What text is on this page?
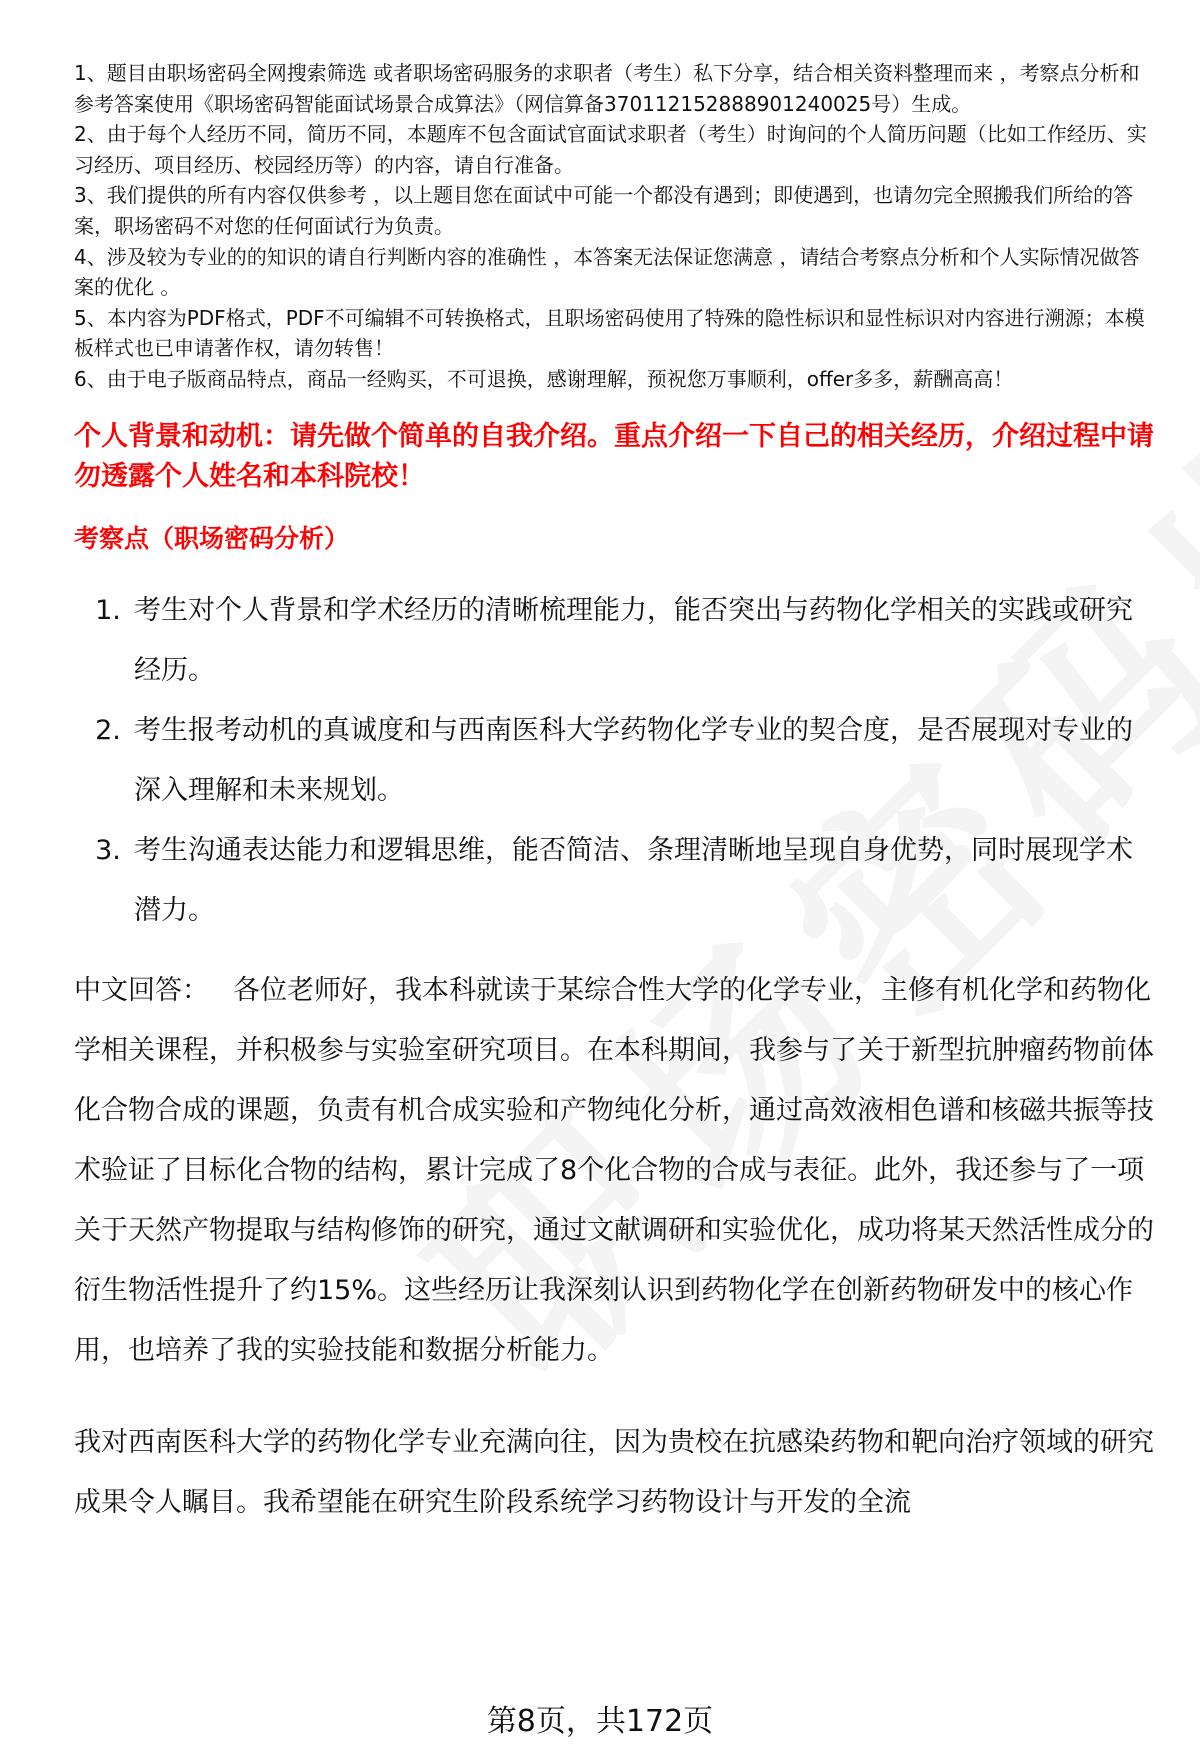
1、题目由职场密码全网搜索筛选 或者职场密码服务的求职者（考生）私下分享，结合相关资料整理而来 ，考察点分析和参考答案使用《职场密码智能面试场景合成算法》（网信算备370112152888901240025号）生成。

2、由于每个人经历不同，简历不同，本题库不包含面试官面试求职者（考生）时询问的个人简历问题（比如工作经历、实习经历、项目经历、校园经历等）的内容，请自行准备。

3、我们提供的所有内容仅供参考 ，以上题目您在面试中可能一个都没有遇到；即使遇到，也请勿完全照搬我们所给的答案，职场密码不对您的任何面试行为负责。

4、涉及较为专业的的知识的请自行判断内容的准确性 ，本答案无法保证您满意 ，请结合考察点分析和个人实际情况做答案的优化 。

5、本内容为PDF格式，PDF不可编辑不可转换格式，且职场密码使用了特殊的隐性标识和显性标识对内容进行溯源；本模板样式也已申请著作权，请勿转售！

6、由于电子版商品特点，商品一经购买，不可退换，感谢理解，预祝您万事顺利，offer多多，薪酬高高！

个人背景和动机：请先做个简单的自我介绍。重点介绍一下自己的相关经历，介绍过程中请勿透露个人姓名和本科院校！

考察点（职场密码分析）

1. 考生对个人背景和学术经历的清晰梳理能力，能否突出与药物化学相关的实践或研究经历。
2. 考生报考动机的真诚度和与西南医科大学药物化学专业的契合度，是否展现对专业的深入理解和未来规划。
3. 考生沟通表达能力和逻辑思维，能否简洁、条理清晰地呈现自身优势，同时展现学术潜力。

中文回答： 各位老师好，我本科就读于某综合性大学的化学专业，主修有机化学和药物化学相关课程，并积极参与实验室研究项目。在本科期间，我参与了关于新型抗肿瘤药物前体化合物合成的课题，负责有机合成实验和产物纯化分析，通过高效液相色谱和核磁共振等技术验证了目标化合物的结构，累计完成了8个化合物的合成与表征。此外，我还参与了一项关于天然产物提取与结构修饰的研究，通过文献调研和实验优化，成功将某天然活性成分的衍生物活性提升了约15%。这些经历让我深刻认识到药物化学在创新药物研发中的核心作用，也培养了我的实验技能和数据分析能力。

我对西南医科大学的药物化学专业充满向往，因为贵校在抗感染药物和靶向治疗领域的研究成果令人瞩目。我希望能在研究生阶段系统学习药物设计与开发的全流

第8页，共172页
